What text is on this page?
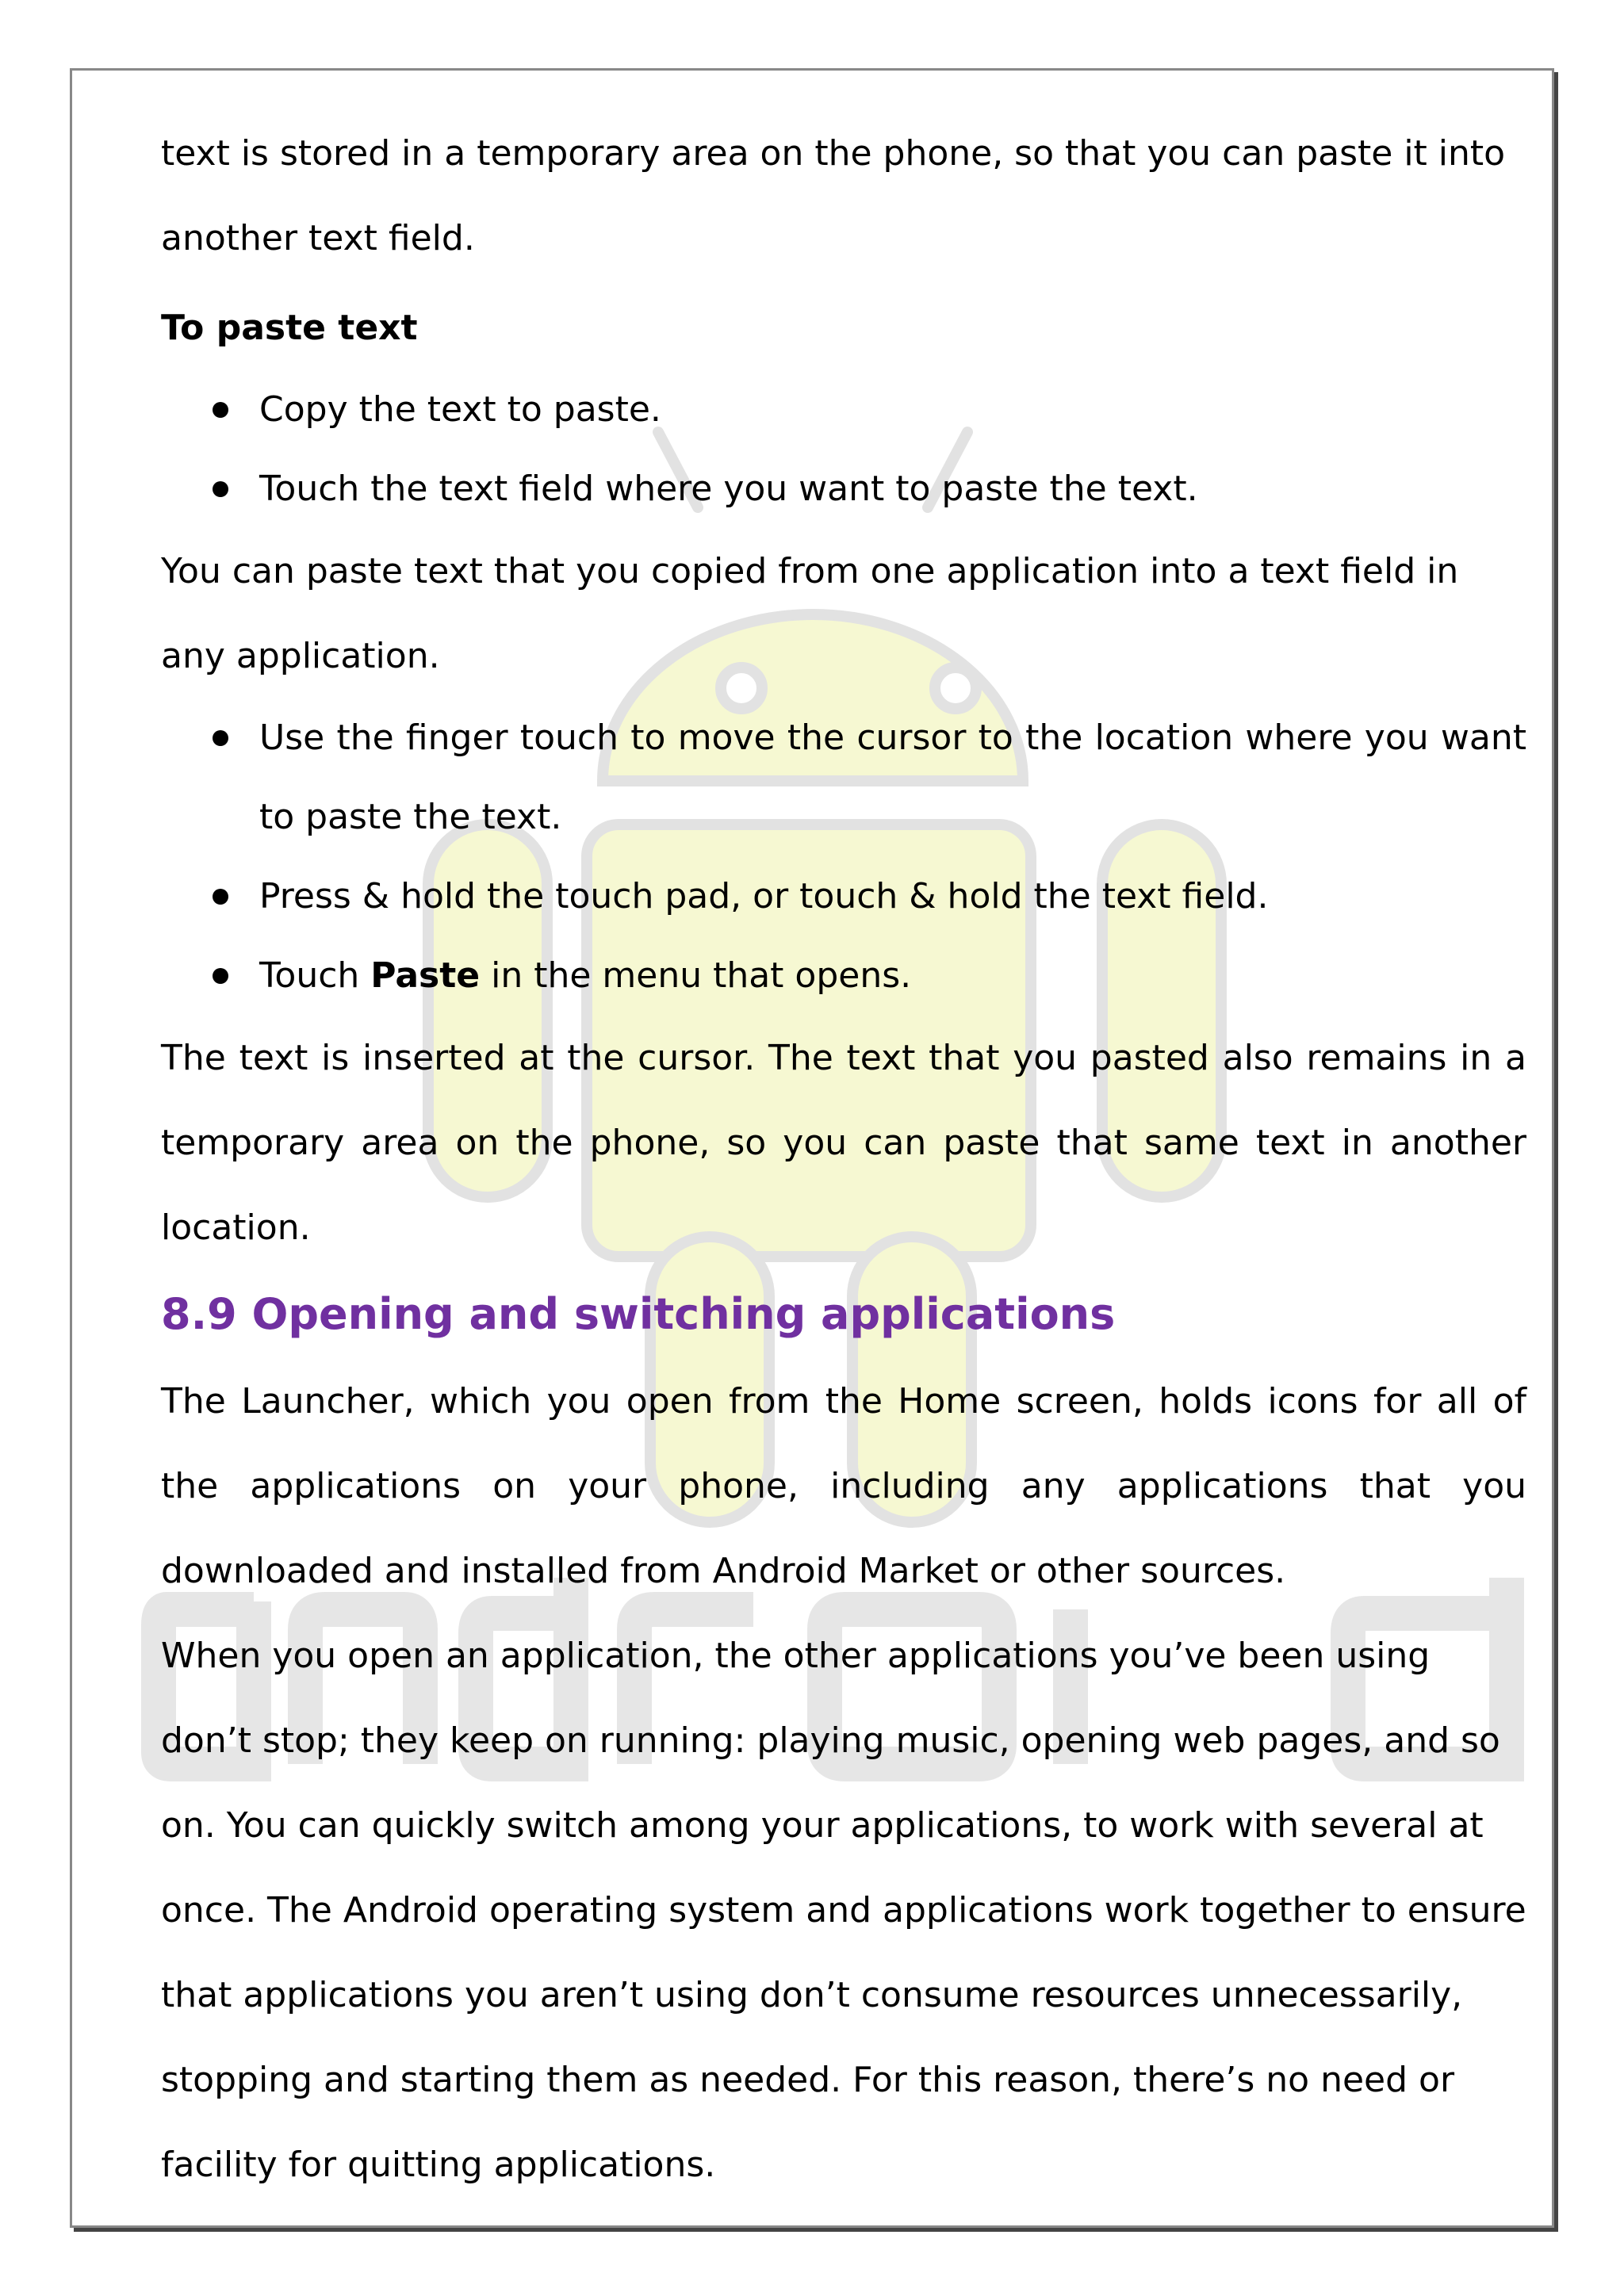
text is stored in a temporary area on the phone, so that you can paste it into another text field.

To paste text

Copy the text to paste.
Touch the text field where you want to paste the text.

You can paste text that you copied from one application into a text field in any application.

Use the finger touch to move the cursor to the location where you want to paste the text.
Press & hold the touch pad, or touch & hold the text field.
Touch Paste in the menu that opens.

The text is inserted at the cursor. The text that you pasted also remains in a temporary area on the phone, so you can paste that same text in another location.

8.9 Opening and switching applications

The Launcher, which you open from the Home screen, holds icons for all of the applications on your phone, including any applications that you downloaded and installed from Android Market or other sources.

When you open an application, the other applications you’ve been using don’t stop; they keep on running: playing music, opening web pages, and so on. You can quickly switch among your applications, to work with several at once. The Android operating system and applications work together to ensure that applications you aren’t using don’t consume resources unnecessarily, stopping and starting them as needed. For this reason, there’s no need or facility for quitting applications.
